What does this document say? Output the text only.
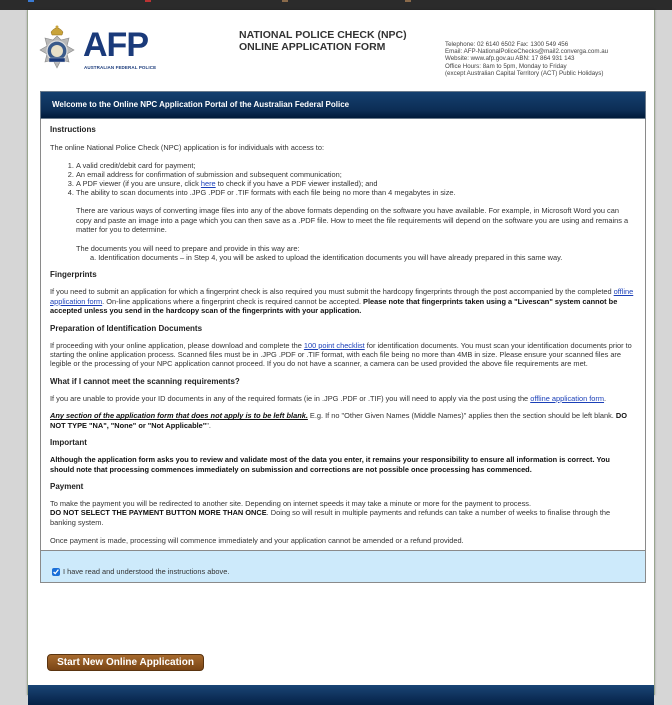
AFP
AUSTRALIAN FEDERAL POLICE
NATIONAL POLICE CHECK (NPC)
ONLINE APPLICATION FORM	Telephone: 02 6140 6502 Fax: 1300 549 456
Email: AFP-NationalPoliceChecks@mail2.converga.com.au
Website: www.afp.gov.au ABN: 17 864 931 143
Office Hours: 8am to 5pm, Monday to Friday
(except Australian Capital Territory (ACT) Public Holidays)
Welcome to the Online NPC Application Portal of the Australian Federal Police
Instructions
The online National Police Check (NPC) application is for individuals with access to:
1. A valid credit/debit card for payment;
2. An email address for confirmation of submission and subsequent communication;
3. A PDF viewer (if you are unsure, click here to check if you have a PDF viewer installed); and
4. The ability to scan documents into .JPG .PDF or .TIF formats with each file being no more than 4 megabytes in size.
There are various ways of converting image files into any of the above formats depending on the software you have available. For example, in Microsoft Word you can copy and paste an image into a page which you can then save as a .PDF file. How to meet the file requirements will depend on the software you are using and remains a matter for you to determine.
The documents you will need to prepare and provide in this way are:
a. Identification documents – in Step 4, you will be asked to upload the identification documents you will have already prepared in this same way.
Fingerprints
If you need to submit an application for which a fingerprint check is also required you must submit the hardcopy fingerprints through the post accompanied by the completed offline application form. On-line applications where a fingerprint check is required cannot be accepted. Please note that fingerprints taken using a "Livescan" system cannot be accepted unless you send in the hardcopy scan of the fingerprints with your application.
Preparation of Identification Documents
If proceeding with your online application, please download and complete the 100 point checklist for identification documents. You must scan your identification documents prior to starting the online application process. Scanned files must be in .JPG .PDF or .TIF format, with each file being no more than 4MB in size. Please ensure your scanned files are legible or the processing of your NPC application cannot proceed. If you do not have a scanner, a camera can be used provided the above file requirements are met.
What if I cannot meet the scanning requirements?
If you are unable to provide your ID documents in any of the required formats (ie in .JPG .PDF or .TIF) you will need to apply via the post using the offline application form.
Any section of the application form that does not apply is to be left blank. E.g. If no "Other Given Names (Middle Names)" applies then the section should be left blank. DO NOT TYPE "NA", "None" or "Not Applicable"".
Important
Although the application form asks you to review and validate most of the data you enter, it remains your responsibility to ensure all information is correct. You should note that processing commences immediately on submission and corrections are not possible once processing has commenced.
Payment
To make the payment you will be redirected to another site. Depending on internet speeds it may take a minute or more for the payment to process.
DO NOT SELECT THE PAYMENT BUTTON MORE THAN ONCE. Doing so will result in multiple payments and refunds can take a number of weeks to finalise through the banking system.
Once payment is made, processing will commence immediately and your application cannot be amended or a refund provided.
I have read and understood the instructions above.
Start New Online Application
